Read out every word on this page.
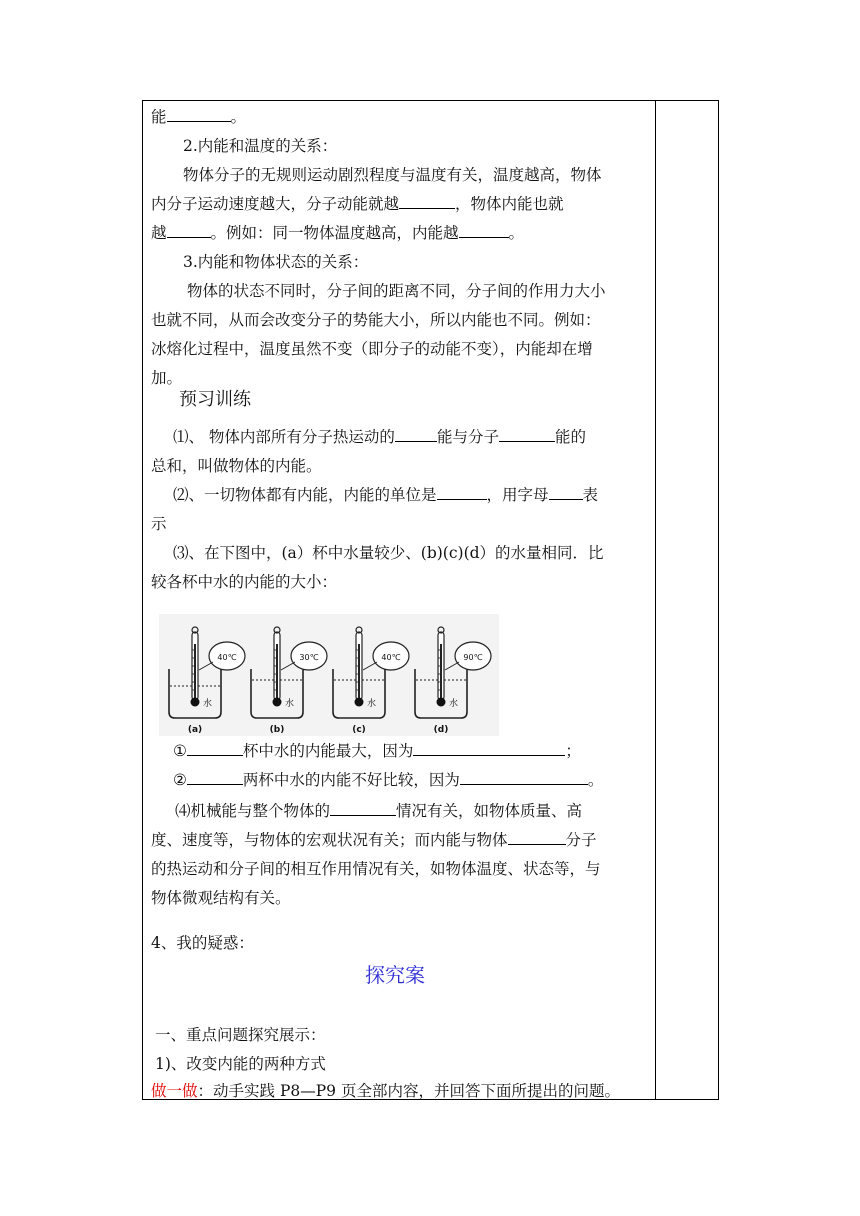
能	。
2.内能和温度的关系：
物体分子的无规则运动剧烈程度与温度有关，温度越高，物体
内分子运动速度越大，分子动能就越	，物体内能也就
越	。例如：同一物体温度越高，内能越	。
3.内能和物体状态的关系：
物体的状态不同时，分子间的距离不同，分子间的作用力大小
也就不同，从而会改变分子的势能大小，所以内能也不同。例如：
冰熔化过程中，温度虽然不变（即分子的动能不变），内能却在增
加。
预习训练
⑴、 物体内部所有分子热运动的	能与分子	能的
总和，叫做物体的内能。
⑵、一切物体都有内能，内能的单位是	，用字母 表
示
⑶、在下图中，(a）杯中水量较少、(b)(c)(d）的水量相同．比
较各杯中水的内能的大小：
40℃
水
(a)
30℃
水
(b)
40℃
水
(c)
90℃
水
(d)
①	杯中水的内能最大，因为	；
②	两杯中水的内能不好比较，因为	。
⑷机械能与整个物体的	情况有关，如物体质量、高
度、速度等，与物体的宏观状况有关；而内能与物体	分子
的热运动和分子间的相互作用情况有关，如物体温度、状态等，与
物体微观结构有关。
4、我的疑惑：
探究案
一、重点问题探究展示：
1)、改变内能的两种方式
做一做：动手实践 P8—P9 页全部内容，并回答下面所提出的问题。
